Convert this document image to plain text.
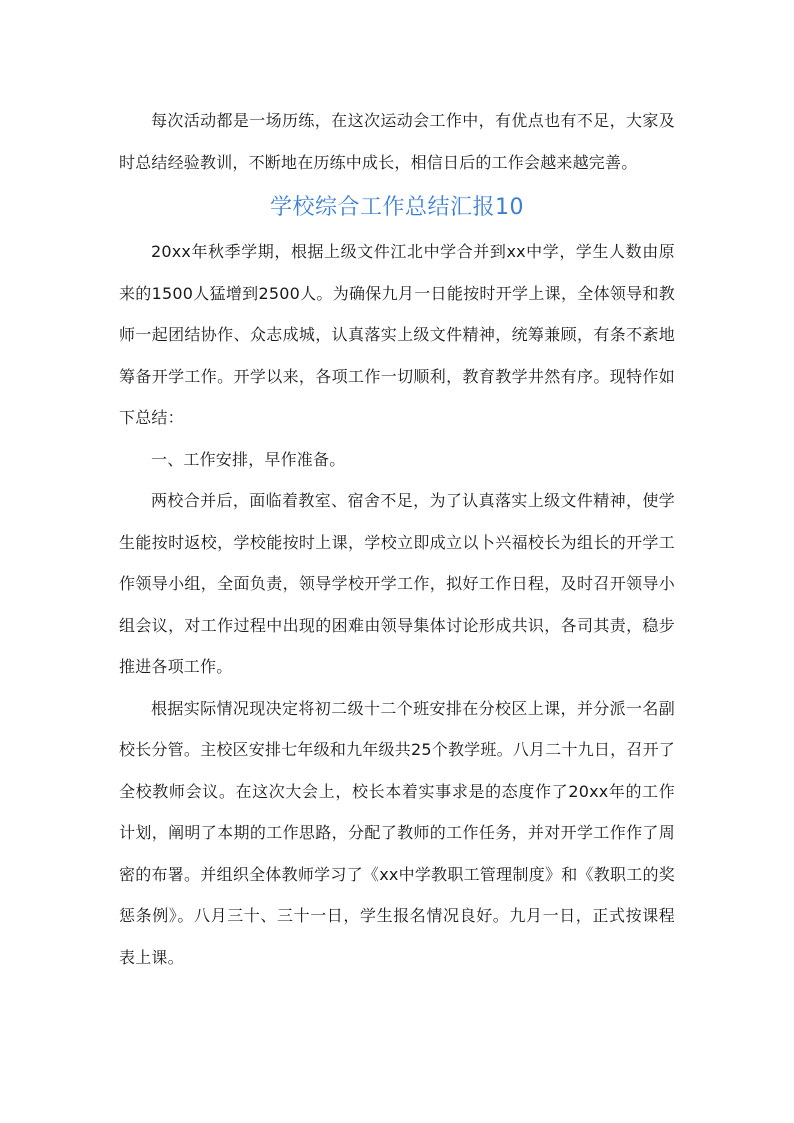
每次活动都是一场历练，在这次运动会工作中，有优点也有不足，大家及时总结经验教训，不断地在历练中成长，相信日后的工作会越来越完善。

学校综合工作总结汇报10

20xx年秋季学期，根据上级文件江北中学合并到xx中学，学生人数由原来的1500人猛增到2500人。为确保九月一日能按时开学上课，全体领导和教师一起团结协作、众志成城，认真落实上级文件精神，统筹兼顾，有条不紊地筹备开学工作。开学以来，各项工作一切顺利，教育教学井然有序。现特作如下总结：

一、工作安排，早作准备。

两校合并后，面临着教室、宿舍不足，为了认真落实上级文件精神，使学生能按时返校，学校能按时上课，学校立即成立以卜兴福校长为组长的开学工作领导小组，全面负责，领导学校开学工作，拟好工作日程，及时召开领导小组会议，对工作过程中出现的困难由领导集体讨论形成共识，各司其责，稳步推进各项工作。

根据实际情况现决定将初二级十二个班安排在分校区上课，并分派一名副校长分管。主校区安排七年级和九年级共25个教学班。八月二十九日，召开了全校教师会议。在这次大会上，校长本着实事求是的态度作了20xx年的工作计划，阐明了本期的工作思路，分配了教师的工作任务，并对开学工作作了周密的布署。并组织全体教师学习了《xx中学教职工管理制度》和《教职工的奖惩条例》。八月三十、三十一日，学生报名情况良好。九月一日，正式按课程表上课。
